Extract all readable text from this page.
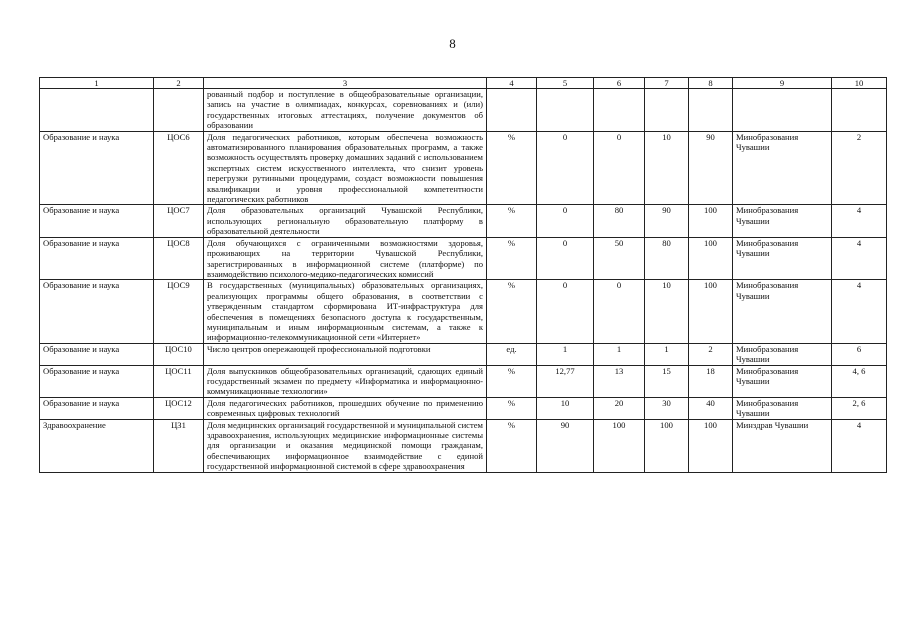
8
1	2	3	4	5	6	7	8	9	10
		рованный подбор и поступление в общеобразовательные организации, запись на участие в олимпиадах, конкурсах, соревнованиях и (или) государственных итоговых аттестациях, получение документов об образовании							
Образование и наука	ЦОС6	Доля педагогических работников, которым обеспечена возможность автоматизированного планирования образовательных программ, а также возможность осуществлять проверку домашних заданий с использованием экспертных систем искусственного интеллекта, что снизит уровень перегрузки рутинными процедурами, создаст возможности повышения квалификации и уровня профессиональной компетентности педагогических работников	%	0	0	10	90	Минобразования Чувашии	2
Образование и наука	ЦОС7	Доля образовательных организаций Чувашской Республики, использующих региональную образовательную платформу в образовательной деятельности	%	0	80	90	100	Минобразования Чувашии	4
Образование и наука	ЦОС8	Доля обучающихся с ограниченными возможностями здоровья, проживающих на территории Чувашской Республики, зарегистрированных в информационной системе (платформе) по взаимодействию психолого-медико-педагогических комиссий	%	0	50	80	100	Минобразования Чувашии	4
Образование и наука	ЦОС9	В государственных (муниципальных) образовательных организациях, реализующих программы общего образования, в соответствии с утвержденным стандартом сформирована ИТ-инфраструктура для обеспечения в помещениях безопасного доступа к государственным, муниципальным и иным информационным системам, а также к информационно-телекоммуникационной сети «Интернет»	%	0	0	10	100	Минобразования Чувашии	4
Образование и наука	ЦОС10	Число центров опережающей профессиональной подготовки	ед.	1	1	1	2	Минобразования Чувашии	6
Образование и наука	ЦОС11	Доля выпускников общеобразовательных организаций, сдающих единый государственный экзамен по предмету «Информатика и информационно-коммуникационные технологии»	%	12,77	13	15	18	Минобразования Чувашии	4, 6
Образование и наука	ЦОС12	Доля педагогических работников, прошедших обучение по применению современных цифровых технологий	%	10	20	30	40	Минобразования Чувашии	2, 6
Здравоохранение	ЦЗ1	Доля медицинских организаций государственной и муниципальной систем здравоохранения, использующих медицинские информационные системы для организации и оказания медицинской помощи гражданам, обеспечивающих информационное взаимодействие с единой государственной информационной системой в сфере здравоохранения	%	90	100	100	100	Минздрав Чувашии	4
